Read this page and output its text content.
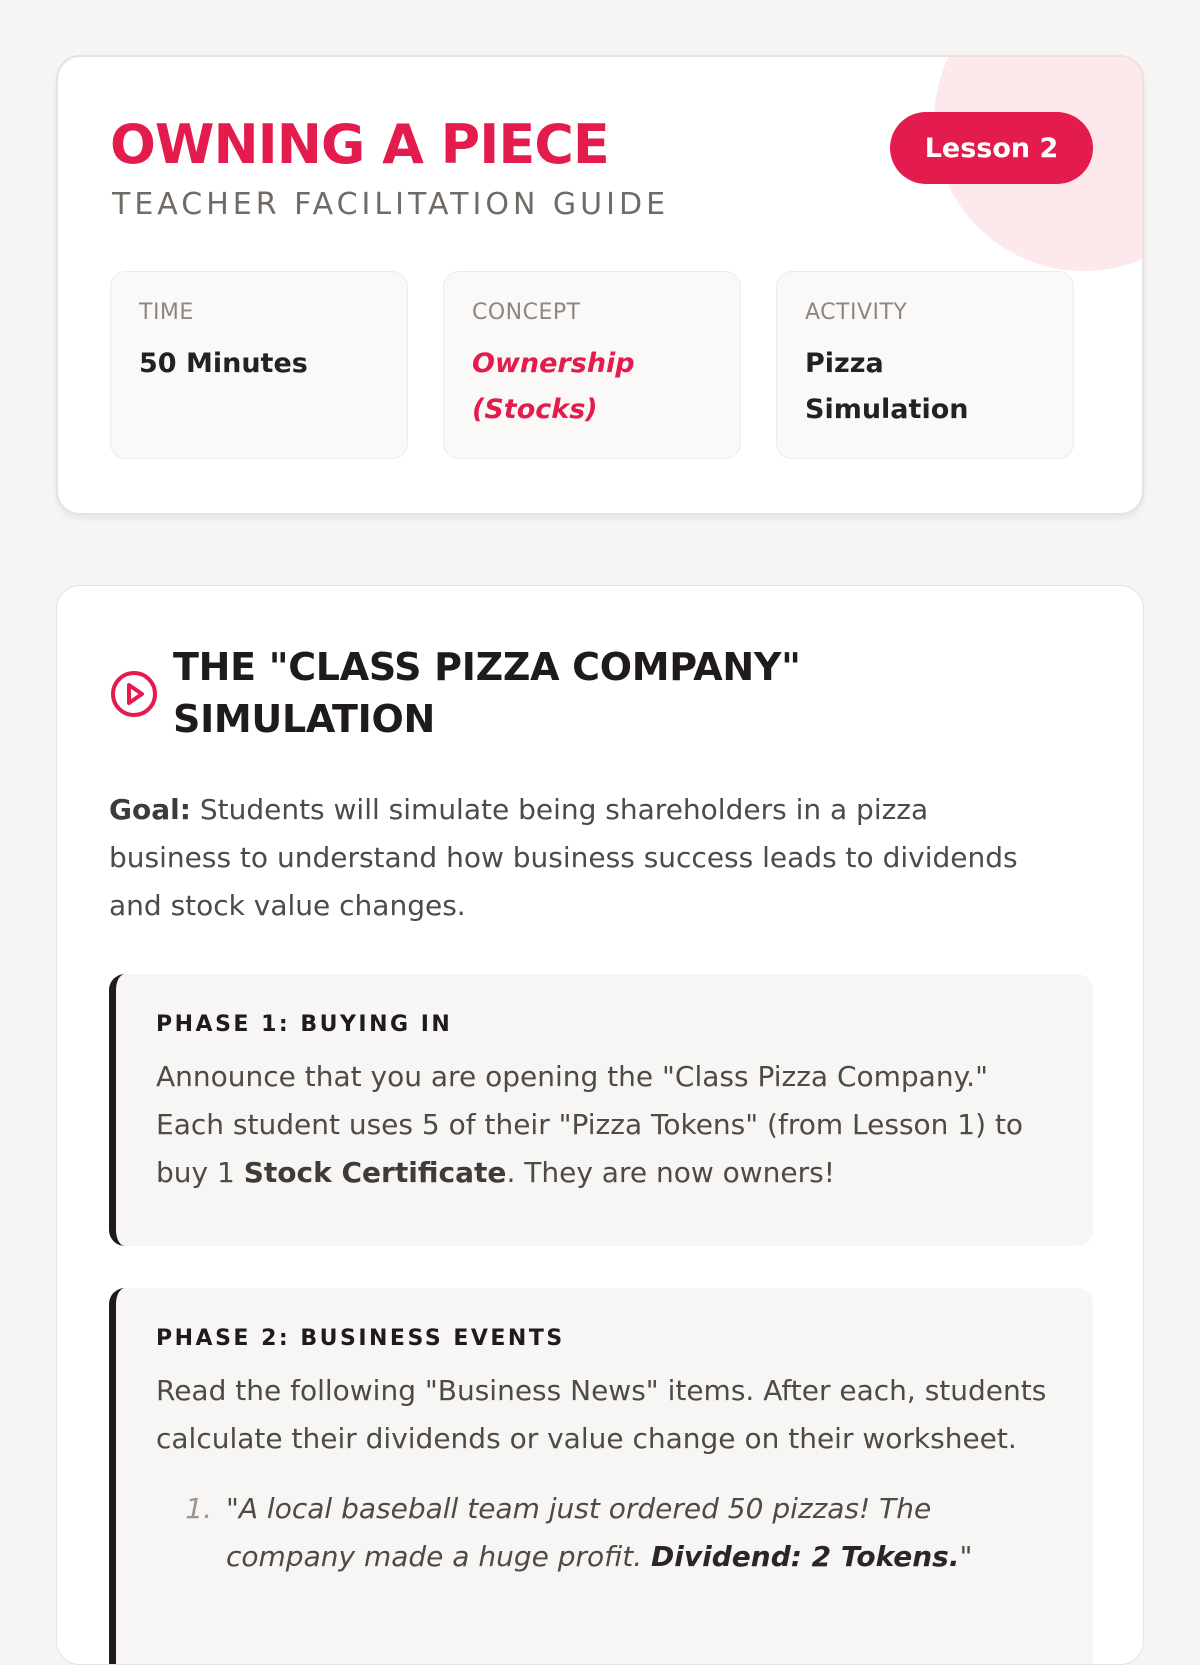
OWNING A PIECE
TEACHER FACILITATION GUIDE
Lesson 2
TIME
50 Minutes
CONCEPT
Ownership (Stocks)
ACTIVITY
Pizza Simulation
THE "CLASS PIZZA COMPANY" SIMULATION

Goal: Students will simulate being shareholders in a pizza business to understand how business success leads to dividends and stock value changes.

PHASE 1: BUYING IN

Announce that you are opening the "Class Pizza Company." Each student uses 5 of their "Pizza Tokens" (from Lesson 1) to buy 1 Stock Certificate. They are now owners!

PHASE 2: BUSINESS EVENTS

Read the following "Business News" items. After each, students calculate their dividends or value change on their worksheet.

1. "A local baseball team just ordered 50 pizzas! The company made a huge profit. Dividend: 2 Tokens."
